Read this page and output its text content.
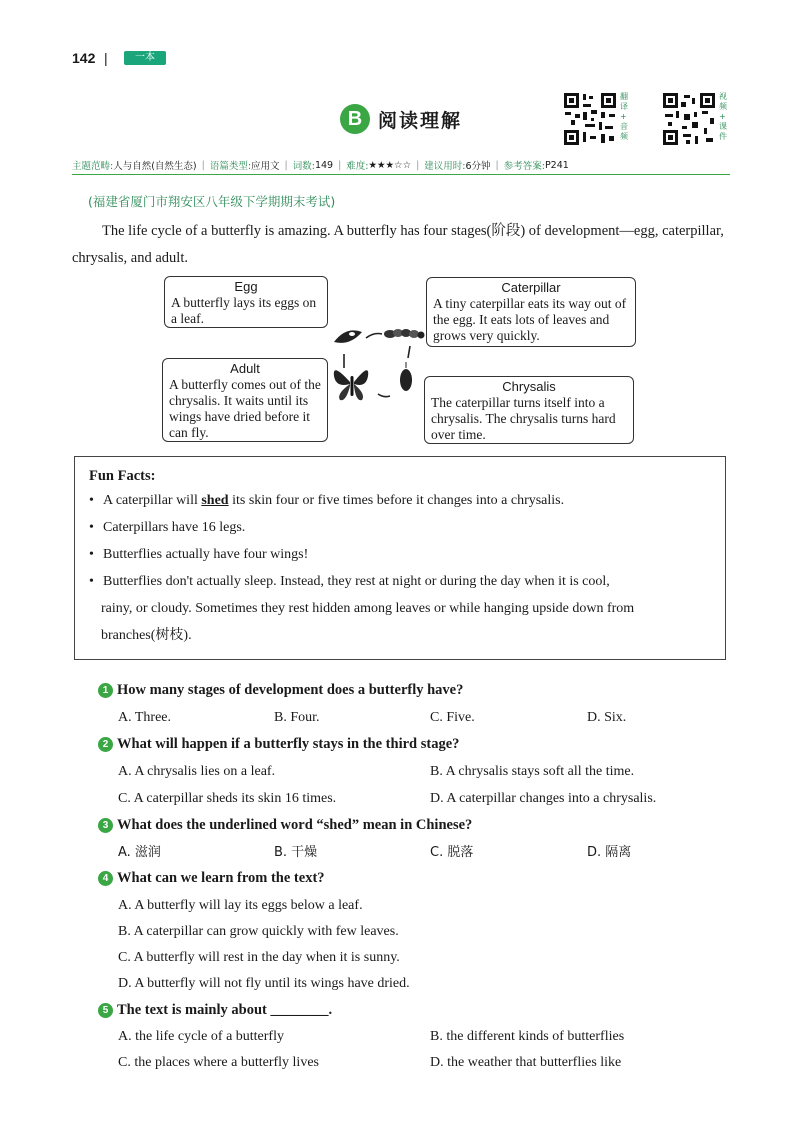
142 |	一本
B 阅读理解
翻
译
+
音
频
视
频
+
课
件
主题范畴: 人与自然(自然生态) | 语篇类型: 应用文 | 词数: 149 | 难度: ★★★☆☆ | 建议用时: 6分钟 | 参考答案: P241
(福建省厦门市翔安区八年级下学期期末考试)
The life cycle of a butterfly is amazing. A butterfly has four stages(阶段) of development—egg, caterpillar, chrysalis, and adult.
Egg
A butterfly lays its eggs on a leaf.
Caterpillar
A tiny caterpillar eats its way out of the egg. It eats lots of leaves and grows very quickly.
Adult
A butterfly comes out of the chrysalis. It waits until its wings have dried before it can fly.
Chrysalis
The caterpillar turns itself into a chrysalis. The chrysalis turns hard over time.
Fun Facts:
• A caterpillar will shed its skin four or five times before it changes into a chrysalis.
• Caterpillars have 16 legs.
• Butterflies actually have four wings!
• Butterflies don't actually sleep. Instead, they rest at night or during the day when it is cool,
rainy, or cloudy. Sometimes they rest hidden among leaves or while hanging upside down from
branches(树枝).
1 How many stages of development does a butterfly have?
A. Three.	B. Four.	C. Five.	D. Six.
2 What will happen if a butterfly stays in the third stage?
A. A chrysalis lies on a leaf.	B. A chrysalis stays soft all the time.
C. A caterpillar sheds its skin 16 times.	D. A caterpillar changes into a chrysalis.
3 What does the underlined word “shed” mean in Chinese?
A. 滋润	B. 干燥	C. 脱落	D. 隔离
4 What can we learn from the text?
A. A butterfly will lay its eggs below a leaf.
B. A caterpillar can grow quickly with few leaves.
C. A butterfly will rest in the day when it is sunny.
D. A butterfly will not fly until its wings have dried.
5 The text is mainly about ________.
A. the life cycle of a butterfly	B. the different kinds of butterflies
C. the places where a butterfly lives	D. the weather that butterflies like
